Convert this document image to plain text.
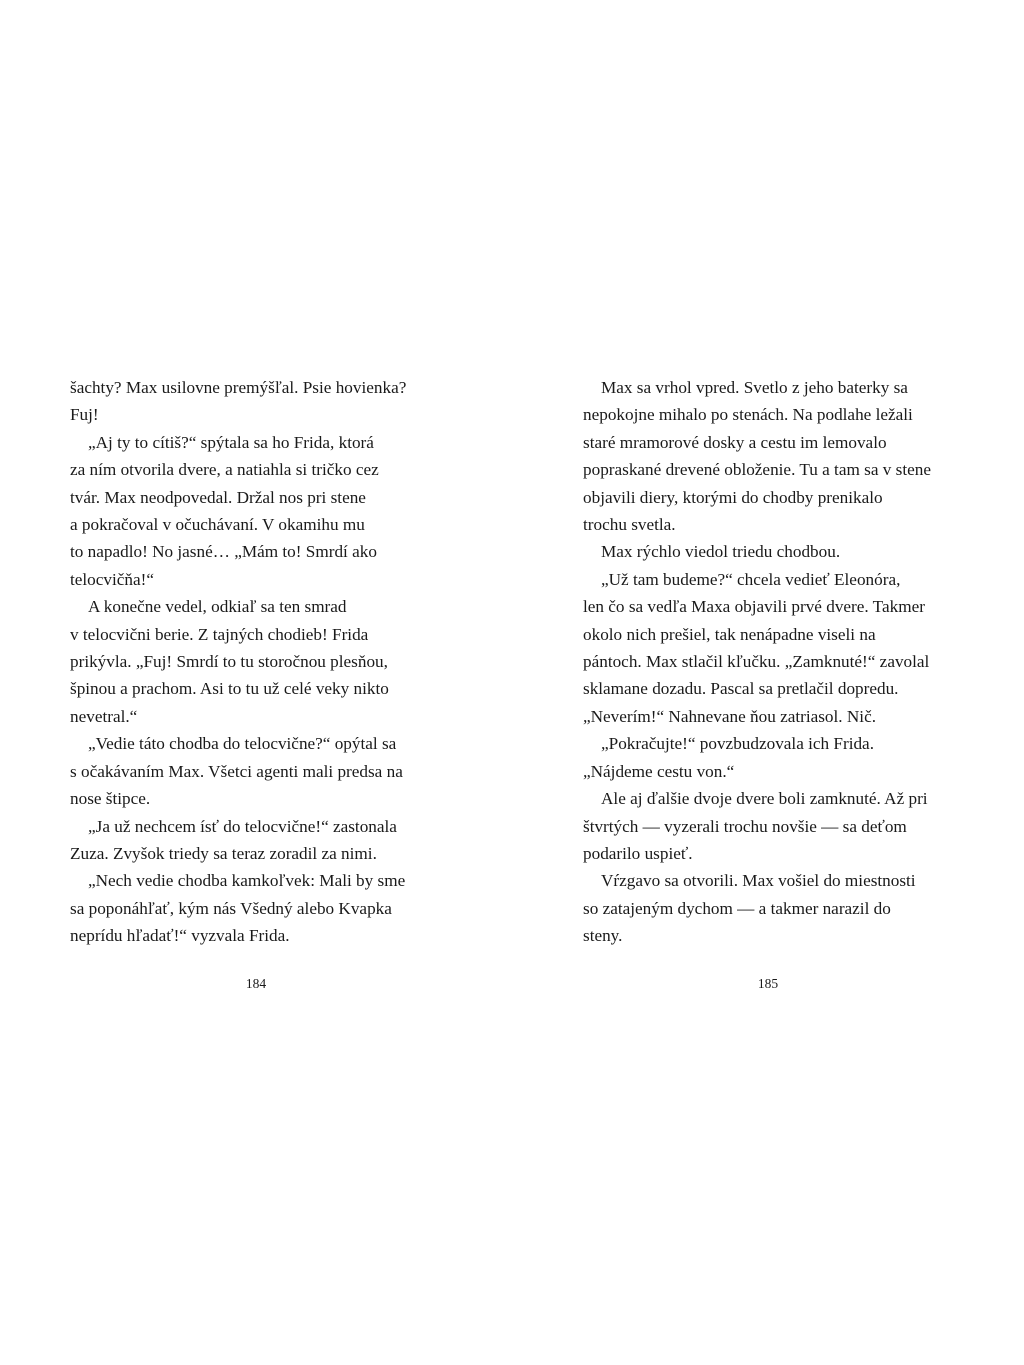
šachty? Max usilovne premýšľal. Psie hovienka?
Fuj!
„Aj ty to cítiš?“ spýtala sa ho Frida, ktorá
za ním otvorila dvere, a natiahla si tričko cez
tvár. Max neodpovedal. Držal nos pri stene
a pokračoval v očuchávaní. V okamihu mu
to napadlo! No jasné… „Mám to! Smrdí ako
telocvičňa!“
A konečne vedel, odkiaľ sa ten smrad
v telocvični berie. Z tajných chodieb! Frida
prikývla. „Fuj! Smrdí to tu storočnou plesňou,
špinou a prachom. Asi to tu už celé veky nikto
nevetral.“
„Vedie táto chodba do telocvične?“ opýtal sa
s očakávaním Max. Všetci agenti mali predsa na
nose štipce.
„Ja už nechcem ísť do telocvične!“ zastonala
Zuza. Zvyšok triedy sa teraz zoradil za nimi.
„Nech vedie chodba kamkoľvek: Mali by sme
sa poponáhľať, kým nás Všedný alebo Kvapka
neprídu hľadať!“ vyzvala Frida.
Max sa vrhol vpred. Svetlo z jeho baterky sa
nepokojne mihalo po stenách. Na podlahe ležali
staré mramorové dosky a cestu im lemovalo
popraskané drevené obloženie. Tu a tam sa v stene
objavili diery, ktorými do chodby prenikalo
trochu svetla.
Max rýchlo viedol triedu chodbou.
„Už tam budeme?“ chcela vedieť Eleonóra,
len čo sa vedľa Maxa objavili prvé dvere. Takmer
okolo nich prešiel, tak nenápadne viseli na
pántoch. Max stlačil kľučku. „Zamknuté!“ zavolal
sklamane dozadu. Pascal sa pretlačil dopredu.
„Neverím!“ Nahnevane ňou zatriasol. Nič.
„Pokračujte!“ povzbudzovala ich Frida.
„Nájdeme cestu von.“
Ale aj ďalšie dvoje dvere boli zamknuté. Až pri
štvrtých — vyzerali trochu novšie — sa deťom
podarilo uspieť.
Vŕzgavo sa otvorili. Max vošiel do miestnosti
so zatajeným dychom — a takmer narazil do
steny.
184	185
